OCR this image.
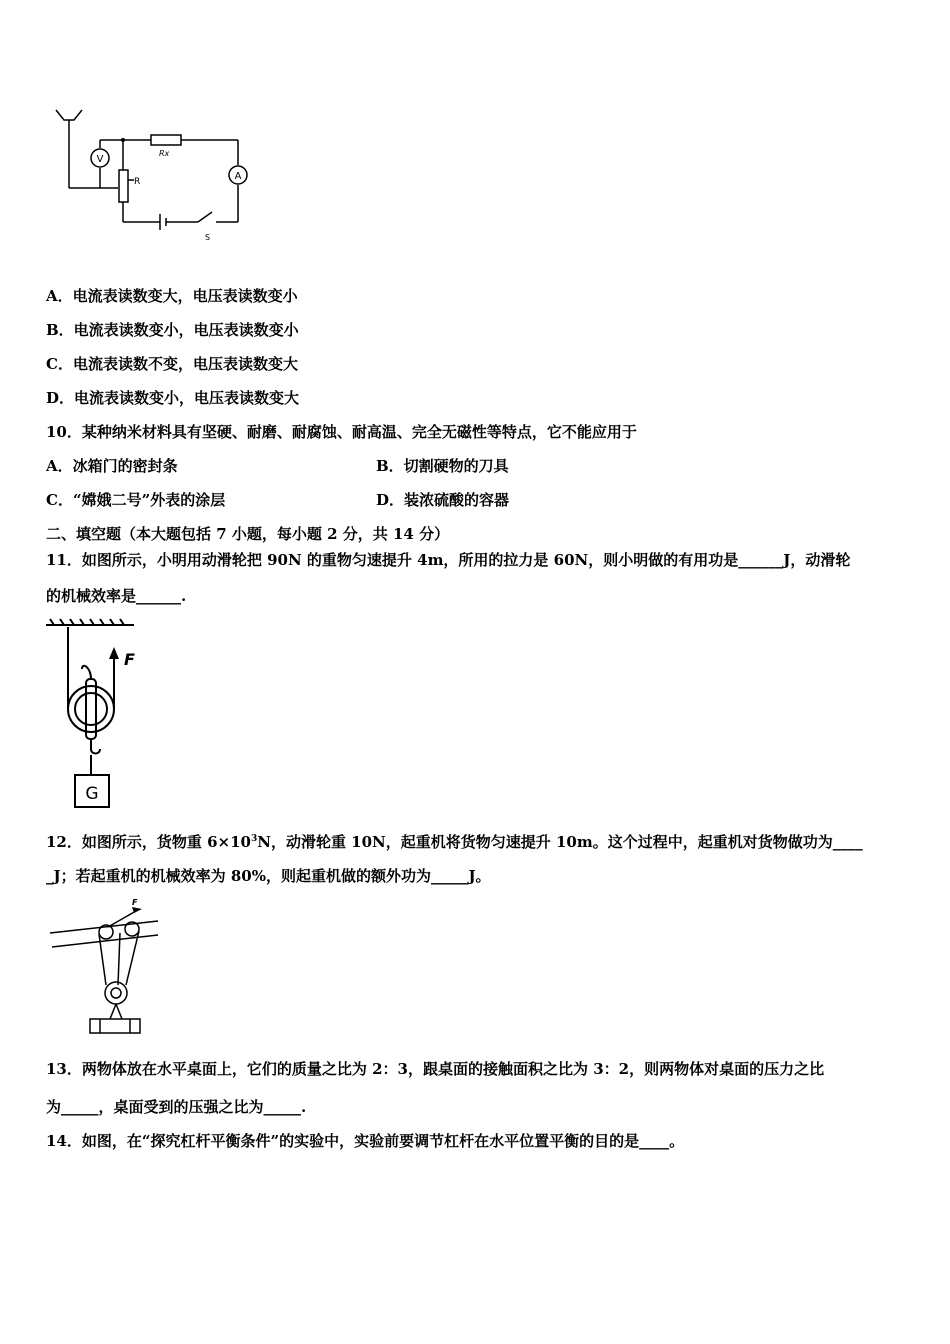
V
A
R
Rx
S
A．电流表读数变大，电压表读数变小
B．电流表读数变小，电压表读数变小
C．电流表读数不变，电压表读数变大
D．电流表读数变小，电压表读数变大
10．某种纳米材料具有坚硬、耐磨、耐腐蚀、耐高温、完全无磁性等特点，它不能应用于
A．冰箱门的密封条	B．切割硬物的刀具
C．“嫦娥二号”外表的涂层	D．装浓硫酸的容器
二、填空题（本大题包括 7 小题，每小题 2 分，共 14 分）
11．如图所示，小明用动滑轮把 90N 的重物匀速提升 4m，所用的拉力是 60N，则小明做的有用功是______J，动滑轮
的机械效率是______.
F
G
12．如图所示，货物重 $6\times 10^3N$，动滑轮重 10N，起重机将货物匀速提升 10m。这个过程中，起重机对货物做功为____
_J；若起重机的机械效率为 80%，则起重机做的额外功为_____J。
F
13．两物体放在水平桌面上，它们的质量之比为 2：3，跟桌面的接触面积之比为 3：2，则两物体对桌面的压力之比
为_____，桌面受到的压强之比为_____.
14．如图，在“探究杠杆平衡条件”的实验中，实验前要调节杠杆在水平位置平衡的目的是____。
